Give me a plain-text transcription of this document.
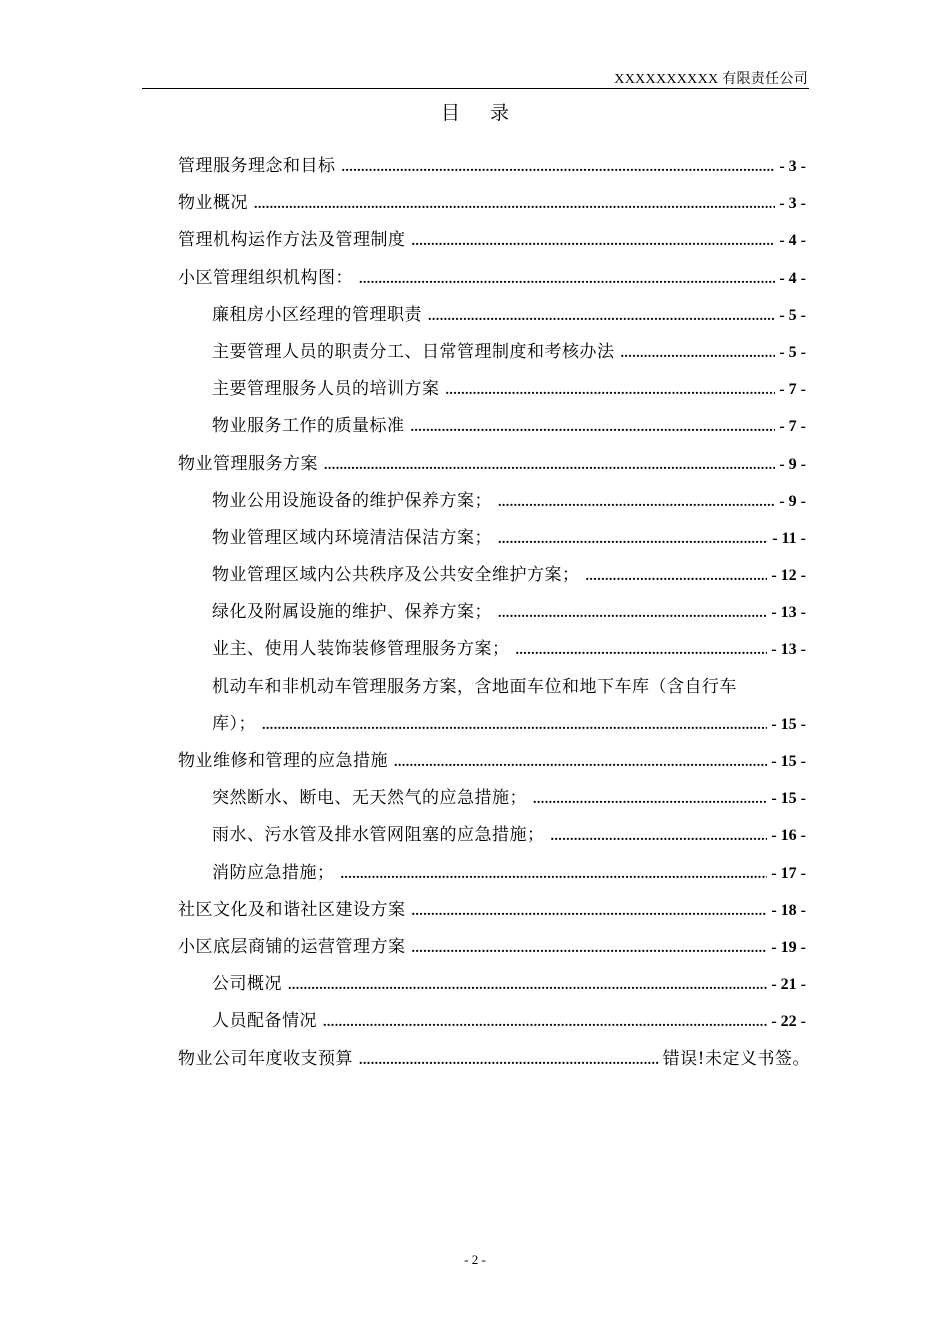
XXXXXXXXXX 有限责任公司
目 录
管理服务理念和目标 .....	- 3 -
物业概况 .....	- 3 -
管理机构运作方法及管理制度 .....	- 4 -
小区管理组织机构图： .....	- 4 -
廉租房小区经理的管理职责 .....	- 5 -
主要管理人员的职责分工、日常管理制度和考核办法 .....	- 5 -
主要管理服务人员的培训方案 .....	- 7 -
物业服务工作的质量标准 .....	- 7 -
物业管理服务方案 .....	- 9 -
物业公用设施设备的维护保养方案； .....	- 9 -
物业管理区域内环境清洁保洁方案； .....	- 11 -
物业管理区域内公共秩序及公共安全维护方案； .....	- 12 -
绿化及附属设施的维护、保养方案； .....	- 13 -
业主、使用人装饰装修管理服务方案； .....	- 13 -
机动车和非机动车管理服务方案，含地面车位和地下车库（含自行车
库）； .....	- 15 -
物业维修和管理的应急措施 .....	- 15 -
突然断水、断电、无天然气的应急措施； .....	- 15 -
雨水、污水管及排水管网阻塞的应急措施； .....	- 16 -
消防应急措施； .....	- 17 -
社区文化及和谐社区建设方案 .....	- 18 -
小区底层商铺的运营管理方案 .....	- 19 -
公司概况 .....	- 21 -
人员配备情况 .....	- 22 -
物业公司年度收支预算 .....	错误!未定义书签。
- 2 -
